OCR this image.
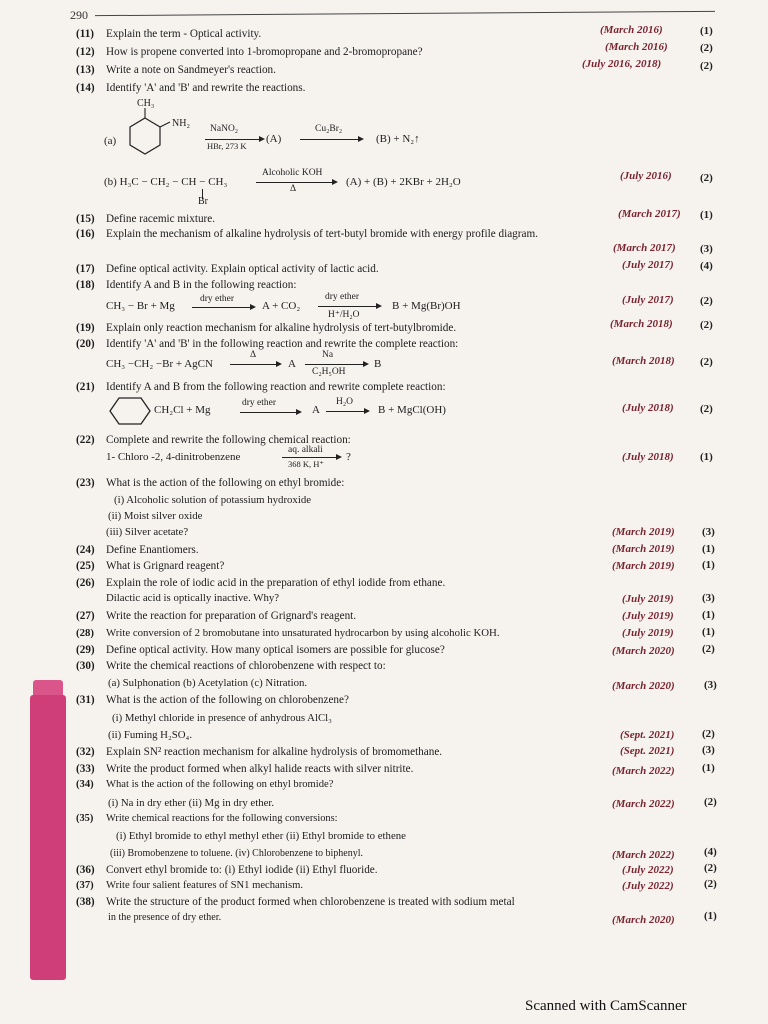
290
(11) Explain the term - Optical activity.	(March 2016)	(1)
(12) How is propene converted into 1-bromopropane and 2-bromopropane?	(March 2016)	(2)
(13) Write a note on Sandmeyer's reaction.	(July 2016, 2018)	(2)
(14) Identify 'A' and 'B' and rewrite the reactions.
(a)
CH₃
NH₂ NaNO₂
HBr, 273 K
(A)
Cu₂Br₂
→ (B) + N₂↑
(b) H₃C − CH₂ − CH − CH₃
Br
Alcoholic KOH
Δ
(A) + (B) + 2KBr + 2H₂O	(July 2016)	(2)
(15) Define racemic mixture.	(March 2017) (1)
(16) Explain the mechanism of alkaline hydrolysis of tert-butyl bromide with energy profile diagram.
(March 2017) (3)
(17) Define optical activity. Explain optical activity of lactic acid.	(July 2017) (4)
(18) Identify A and B in the following reaction:
CH₃ − Br + Mg
dry ether
→ A + CO₂
dry ether
H⁺/H₂O
B + Mg(Br)OH	(July 2017) (2)
(19) Explain only reaction mechanism for alkaline hydrolysis of tert-butylbromide.	(March 2018) (2)
(20) Identify 'A' and 'B' in the following reaction and rewrite the complete reaction:
CH₃ −CH₂ −Br + AgCN
Δ
→ A
Na
C₂H₅OH
B	(March 2018) (2)
(21) Identify A and B from the following reaction and rewrite complete reaction:
CH₂Cl + Mg
dry ether
→ A
H₂O
→ B + MgCl(OH)	(July 2018) (2)
(22) Complete and rewrite the following chemical reaction:
1- Chloro -2, 4-dinitrobenzene
aq. alkali
368 K, H⁺
?	(July 2018) (1)
(23) What is the action of the following on ethyl bromide:
(i) Alcoholic solution of potassium hydroxide
(ii) Moist silver oxide
(iii) Silver acetate?	(March 2019) (3)
(24) Define Enantiomers.	(March 2019) (1)
(25) What is Grignard reagent?	(March 2019) (1)
(26) Explain the role of iodic acid in the preparation of ethyl iodide from ethane.
Dilactic acid is optically inactive. Why?	(July 2019)	(3)
(27) Write the reaction for preparation of Grignard's reagent.	(July 2019)	(1)
(28) Write conversion of 2 bromobutane into unsaturated hydrocarbon by using alcoholic KOH.	(July 2019)	(1)
(29) Define optical activity. How many optical isomers are possible for glucose?	(March 2020) (2)
(30) Write the chemical reactions of chlorobenzene with respect to:
(a) Sulphonation (b) Acetylation (c) Nitration.	(March 2020)	(3)
(31) What is the action of the following on chlorobenzene?
(i) Methyl chloride in presence of anhydrous AlCl₃
(ii) Fuming H₂SO₄.	(Sept. 2021)	(2)
(32) Explain SN² reaction mechanism for alkaline hydrolysis of bromomethane.	(Sept. 2021)	(3)
(33) Write the product formed when alkyl halide reacts with silver nitrite.	(March 2022) (1)
(34) What is the action of the following on ethyl bromide?
(i) Na in dry ether (ii) Mg in dry ether.	(March 2022)	(2)
(35) Write chemical reactions for the following conversions:
(i) Ethyl bromide to ethyl methyl ether (ii) Ethyl bromide to ethene
(iii) Bromobenzene to toluene. (iv) Chlorobenzene to biphenyl.	(March 2022)	(4)
(36) Convert ethyl bromide to: (i) Ethyl iodide (ii) Ethyl fluoride.	(July 2022)	(2)
(37) Write four salient features of SN1 mechanism.	(July 2022)	(2)
(38) Write the structure of the product formed when chlorobenzene is treated with sodium metal
in the presence of dry ether.	(March 2020)	(1)
Scanned with CamScanner
